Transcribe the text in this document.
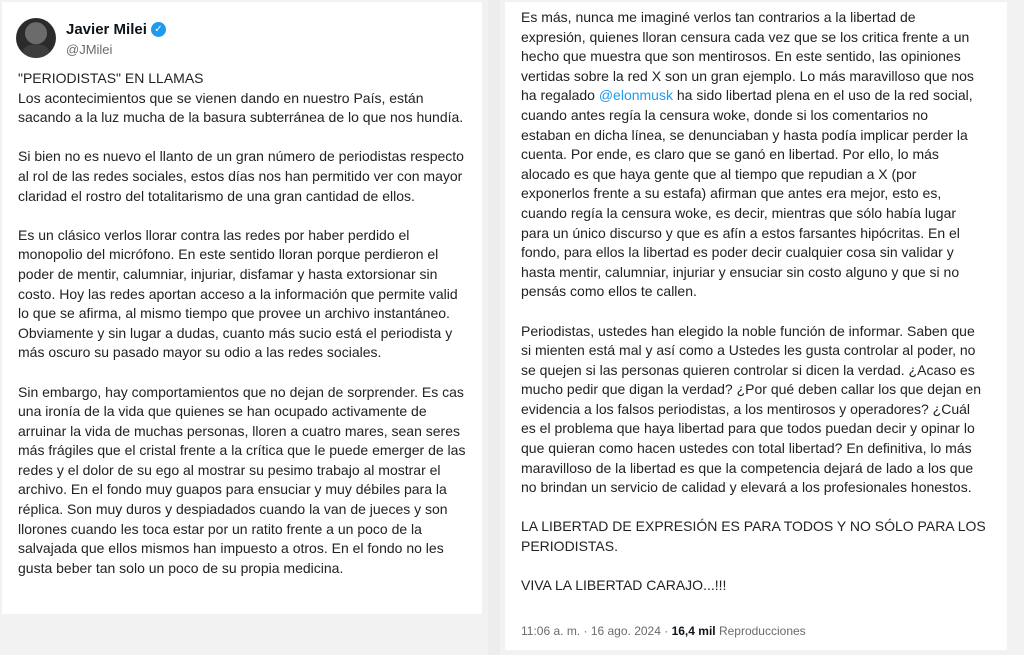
Javier Milei ✓
@JMilei

"PERIODISTAS" EN LLAMAS

Los acontecimientos que se vienen dando en nuestro País, están

sacando a la luz mucha de la basura subterránea de lo que nos hundía.

Si bien no es nuevo el llanto de un gran número de periodistas respecto

al rol de las redes sociales, estos días nos han permitido ver con mayor

claridad el rostro del totalitarismo de una gran cantidad de ellos.

Es un clásico verlos llorar contra las redes por haber perdido el

monopolio del micrófono. En este sentido lloran porque perdieron el

poder de mentir, calumniar, injuriar, disfamar y hasta extorsionar sin

costo. Hoy las redes aportan acceso a la información que permite valid

lo que se afirma, al mismo tiempo que provee un archivo instantáneo.

Obviamente y sin lugar a dudas, cuanto más sucio está el periodista y

más oscuro su pasado mayor su odio a las redes sociales.

Sin embargo, hay comportamientos que no dejan de sorprender. Es cas

una ironía de la vida que quienes se han ocupado activamente de

arruinar la vida de muchas personas, lloren a cuatro mares, sean seres

más frágiles que el cristal frente a la crítica que le puede emerger de las

redes y el dolor de su ego al mostrar su pesimo trabajo al mostrar el

archivo. En el fondo muy guapos para ensuciar y muy débiles para la

réplica. Son muy duros y despiadados cuando la van de jueces y son

llorones cuando les toca estar por un ratito frente a un poco de la

salvajada que ellos mismos han impuesto a otros. En el fondo no les

gusta beber tan solo un poco de su propia medicina.

Es más, nunca me imaginé verlos tan contrarios a la libertad de

expresión, quienes lloran censura cada vez que se los critica frente a un

hecho que muestra que son mentirosos. En este sentido, las opiniones

vertidas sobre la red X son un gran ejemplo. Lo más maravilloso que nos

ha regalado @elonmusk ha sido libertad plena en el uso de la red social,

cuando antes regía la censura woke, donde si los comentarios no

estaban en dicha línea, se denunciaban y hasta podía implicar perder la

cuenta. Por ende, es claro que se ganó en libertad. Por ello, lo más

alocado es que haya gente que al tiempo que repudian a X (por

exponerlos frente a su estafa) afirman que antes era mejor, esto es,

cuando regía la censura woke, es decir, mientras que sólo había lugar

para un único discurso y que es afín a estos farsantes hipócritas. En el

fondo, para ellos la libertad es poder decir cualquier cosa sin validar y

hasta mentir, calumniar, injuriar y ensuciar sin costo alguno y que si no

pensás como ellos te callen.

Periodistas, ustedes han elegido la noble función de informar. Saben que

si mienten está mal y así como a Ustedes les gusta controlar al poder, no

se quejen si las personas quieren controlar si dicen la verdad. ¿Acaso es

mucho pedir que digan la verdad? ¿Por qué deben callar los que dejan en

evidencia a los falsos periodistas, a los mentirosos y operadores? ¿Cuál

es el problema que haya libertad para que todos puedan decir y opinar lo

que quieran como hacen ustedes con total libertad? En definitiva, lo más

maravilloso de la libertad es que la competencia dejará de lado a los que

no brindan un servicio de calidad y elevará a los profesionales honestos.

LA LIBERTAD DE EXPRESIÓN ES PARA TODOS Y NO SÓLO PARA LOS

PERIODISTAS.

VIVA LA LIBERTAD CARAJO...!!!

11:06 a. m. · 16 ago. 2024 · 16,4 mil Reproducciones
